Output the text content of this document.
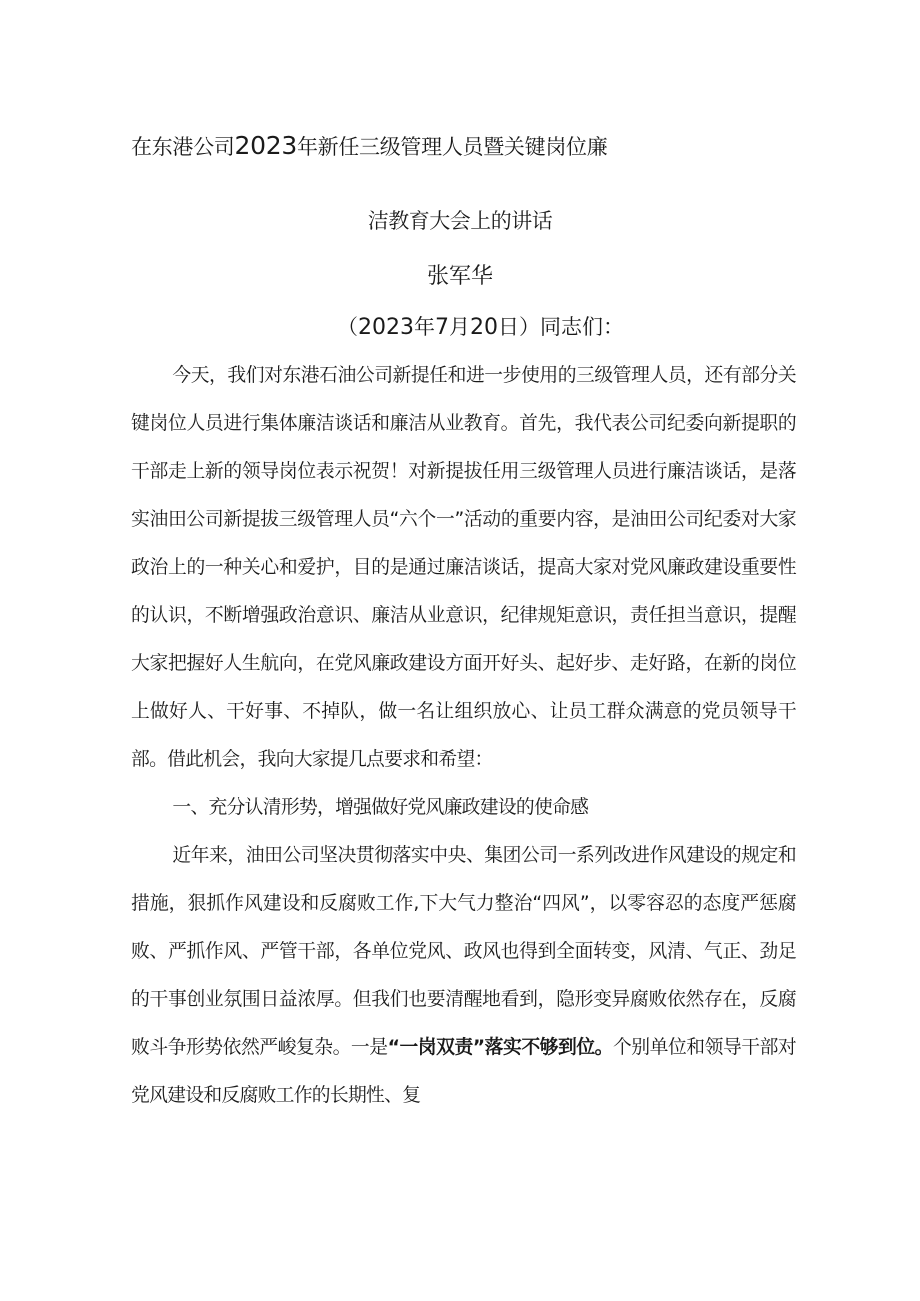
在东港公司2023年新任三级管理人员暨关键岗位廉
洁教育大会上的讲话
张军华
（2023年7月20日）同志们：

今天，我们对东港石油公司新提任和进一步使用的三级管理人员，还有部分关键岗位人员进行集体廉洁谈话和廉洁从业教育。首先，我代表公司纪委向新提职的干部走上新的领导岗位表示祝贺！对新提拔任用三级管理人员进行廉洁谈话，是落实油田公司新提拔三级管理人员“六个一”活动的重要内容，是油田公司纪委对大家政治上的一种关心和爱护，目的是通过廉洁谈话，提高大家对党风廉政建设重要性的认识，不断增强政治意识、廉洁从业意识，纪律规矩意识，责任担当意识，提醒大家把握好人生航向，在党风廉政建设方面开好头、起好步、走好路，在新的岗位上做好人、干好事、不掉队，做一名让组织放心、让员工群众满意的党员领导干部。借此机会，我向大家提几点要求和希望：

一、充分认清形势，增强做好党风廉政建设的使命感

近年来，油田公司坚决贯彻落实中央、集团公司一系列改进作风建设的规定和措施，狠抓作风建设和反腐败工作,下大气力整治“四风”，以零容忍的态度严惩腐败、严抓作风、严管干部，各单位党风、政风也得到全面转变，风清、气正、劲足的干事创业氛围日益浓厚。但我们也要清醒地看到，隐形变异腐败依然存在，反腐败斗争形势依然严峻复杂。一是“一岗双责”落实不够到位。个别单位和领导干部对党风建设和反腐败工作的长期性、复
